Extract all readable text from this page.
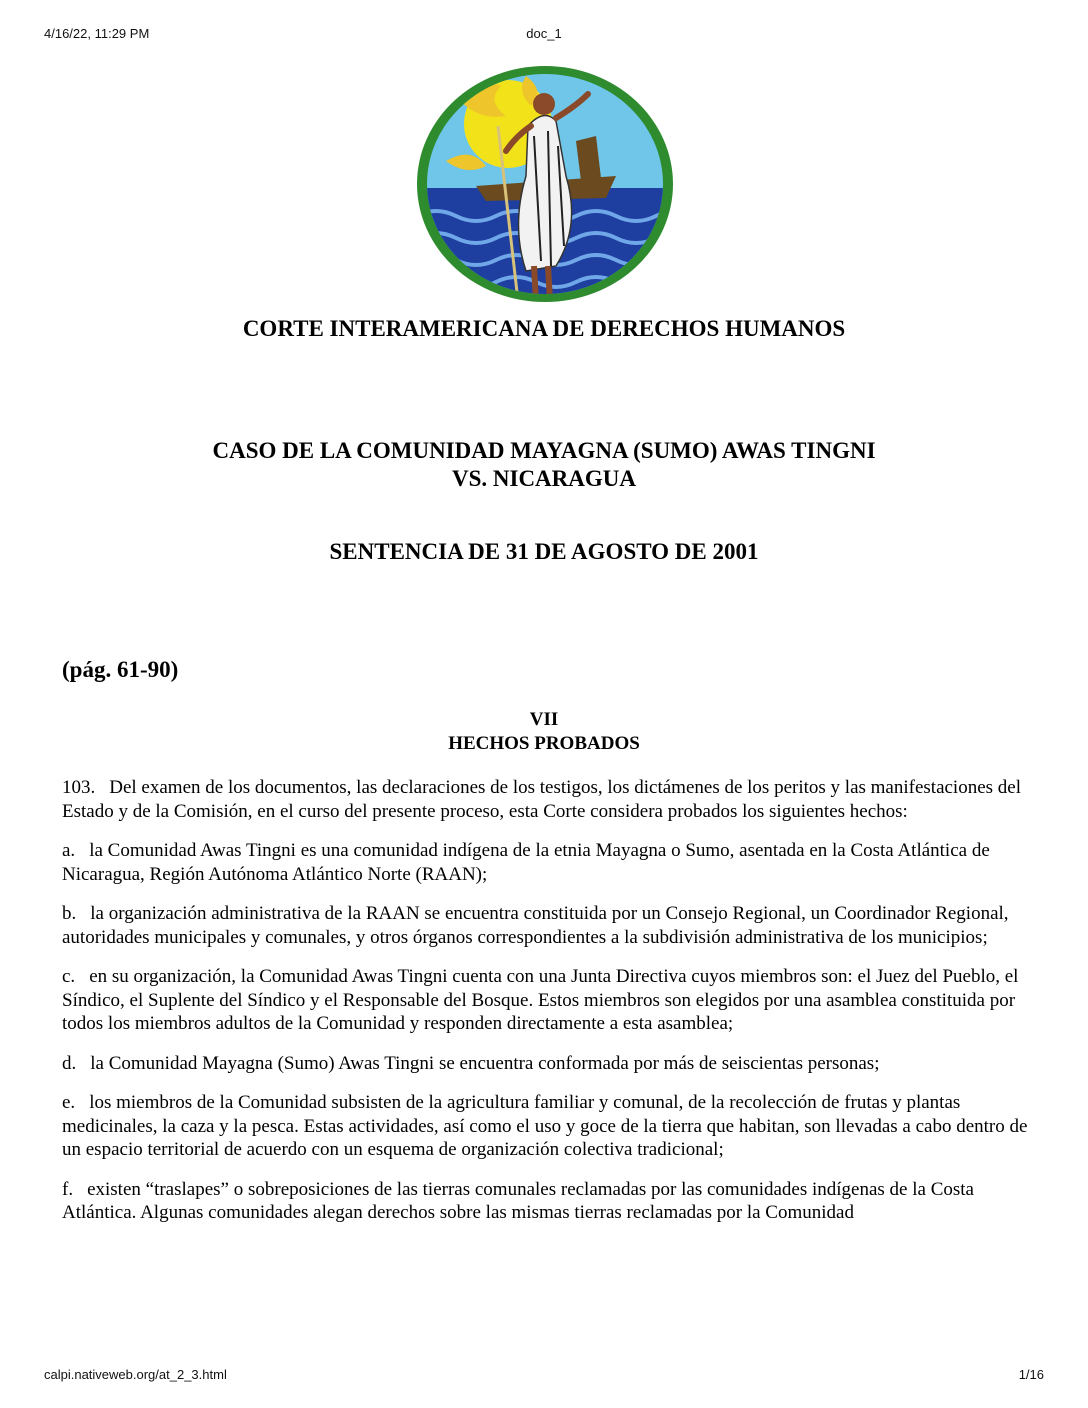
4/16/22, 11:29 PM	doc_1
CORTE INTERAMERICANA DE DERECHOS HUMANOS
CASO DE LA COMUNIDAD MAYAGNA (SUMO) AWAS TINGNI
VS. NICARAGUA
SENTENCIA DE 31 DE AGOSTO DE 2001
(pág. 61-90)
VII
HECHOS PROBADOS

103. Del examen de los documentos, las declaraciones de los testigos, los dictámenes de los peritos y las manifestaciones del Estado y de la Comisión, en el curso del presente proceso, esta Corte considera probados los siguientes hechos:

a. la Comunidad Awas Tingni es una comunidad indígena de la etnia Mayagna o Sumo, asentada en la Costa Atlántica de Nicaragua, Región Autónoma Atlántico Norte (RAAN);

b. la organización administrativa de la RAAN se encuentra constituida por un Consejo Regional, un Coordinador Regional, autoridades municipales y comunales, y otros órganos correspondientes a la subdivisión administrativa de los municipios;

c. en su organización, la Comunidad Awas Tingni cuenta con una Junta Directiva cuyos miembros son: el Juez del Pueblo, el Síndico, el Suplente del Síndico y el Responsable del Bosque. Estos miembros son elegidos por una asamblea constituida por todos los miembros adultos de la Comunidad y responden directamente a esta asamblea;

d. la Comunidad Mayagna (Sumo) Awas Tingni se encuentra conformada por más de seiscientas personas;

e. los miembros de la Comunidad subsisten de la agricultura familiar y comunal, de la recolección de frutas y plantas medicinales, la caza y la pesca. Estas actividades, así como el uso y goce de la tierra que habitan, son llevadas a cabo dentro de un espacio territorial de acuerdo con un esquema de organización colectiva tradicional;

f. existen “traslapes” o sobreposiciones de las tierras comunales reclamadas por las comunidades indígenas de la Costa Atlántica. Algunas comunidades alegan derechos sobre las mismas tierras reclamadas por la Comunidad

calpi.nativeweb.org/at_2_3.html	1/16
